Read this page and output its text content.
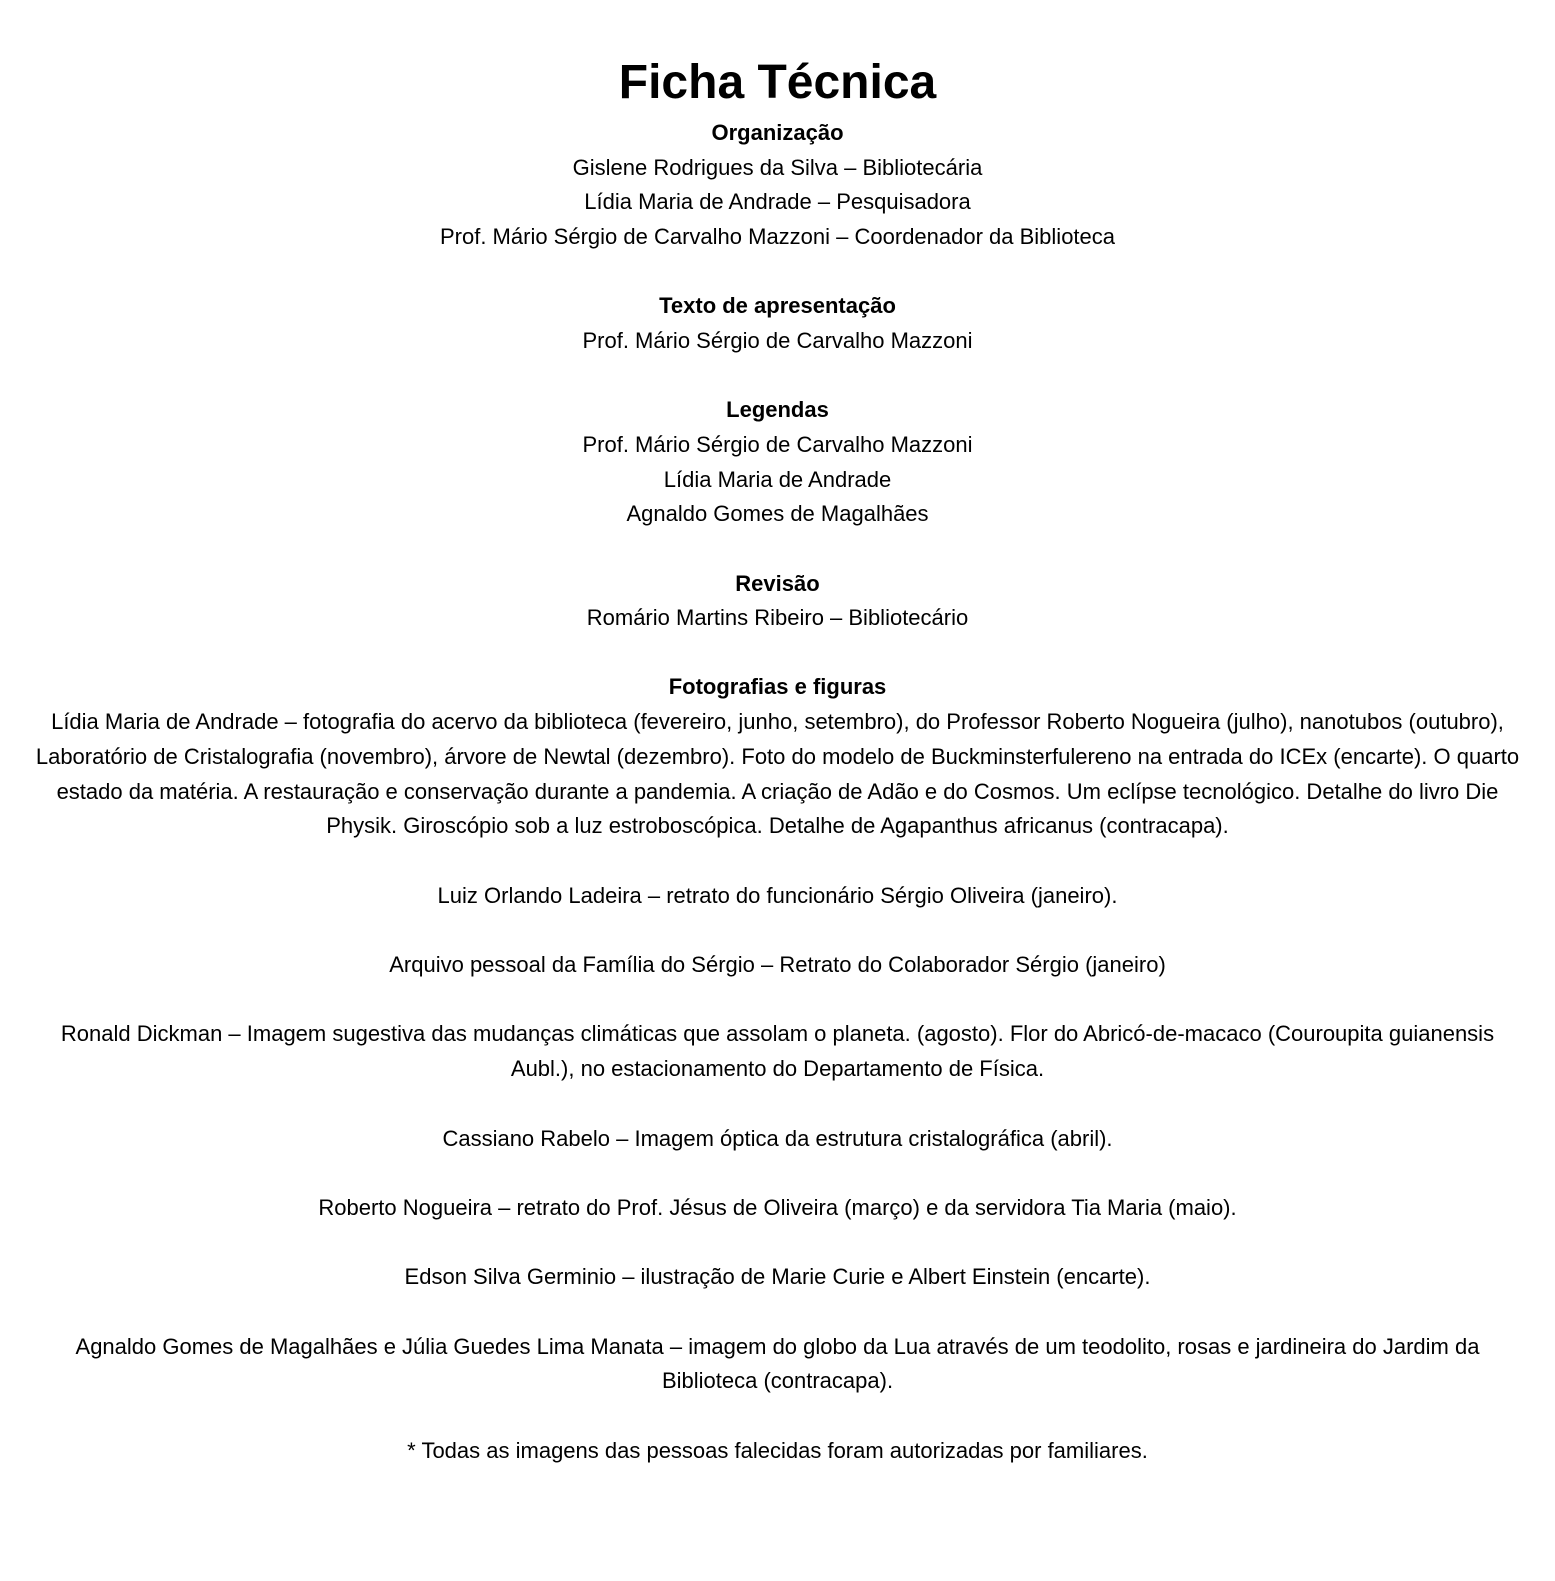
Ficha Técnica
Organização
Gislene Rodrigues da Silva – Bibliotecária
Lídia Maria de Andrade – Pesquisadora
Prof. Mário Sérgio de Carvalho Mazzoni – Coordenador da Biblioteca
Texto de apresentação
Prof. Mário Sérgio de Carvalho Mazzoni
Legendas
Prof. Mário Sérgio de Carvalho Mazzoni
Lídia Maria de Andrade
Agnaldo Gomes de Magalhães
Revisão
Romário Martins Ribeiro – Bibliotecário
Fotografias e figuras
Lídia Maria de Andrade – fotografia do acervo da biblioteca (fevereiro, junho, setembro), do Professor Roberto Nogueira (julho), nanotubos (outubro), Laboratório de Cristalografia (novembro), árvore de Newtal (dezembro). Foto do modelo de Buckminsterfulereno na entrada do ICEx (encarte). O quarto estado da matéria. A restauração e conservação durante a pandemia. A criação de Adão e do Cosmos. Um eclípse tecnológico. Detalhe do livro Die Physik. Giroscópio sob a luz estroboscópica. Detalhe de Agapanthus africanus (contracapa).
Luiz Orlando Ladeira – retrato do funcionário Sérgio Oliveira (janeiro).
Arquivo pessoal da Família do Sérgio – Retrato do Colaborador Sérgio (janeiro)
Ronald Dickman – Imagem sugestiva das mudanças climáticas que assolam o planeta. (agosto). Flor do Abricó-de-macaco (Couroupita guianensis Aubl.), no estacionamento do Departamento de Física.
Cassiano Rabelo – Imagem óptica da estrutura cristalográfica (abril).
Roberto Nogueira – retrato do Prof. Jésus de Oliveira (março) e da servidora Tia Maria (maio).
Edson Silva Germinio – ilustração de Marie Curie e Albert Einstein (encarte).
Agnaldo Gomes de Magalhães e Júlia Guedes Lima Manata – imagem do globo da Lua através de um teodolito, rosas e jardineira do Jardim da Biblioteca (contracapa).
* Todas as imagens das pessoas falecidas foram autorizadas por familiares.
